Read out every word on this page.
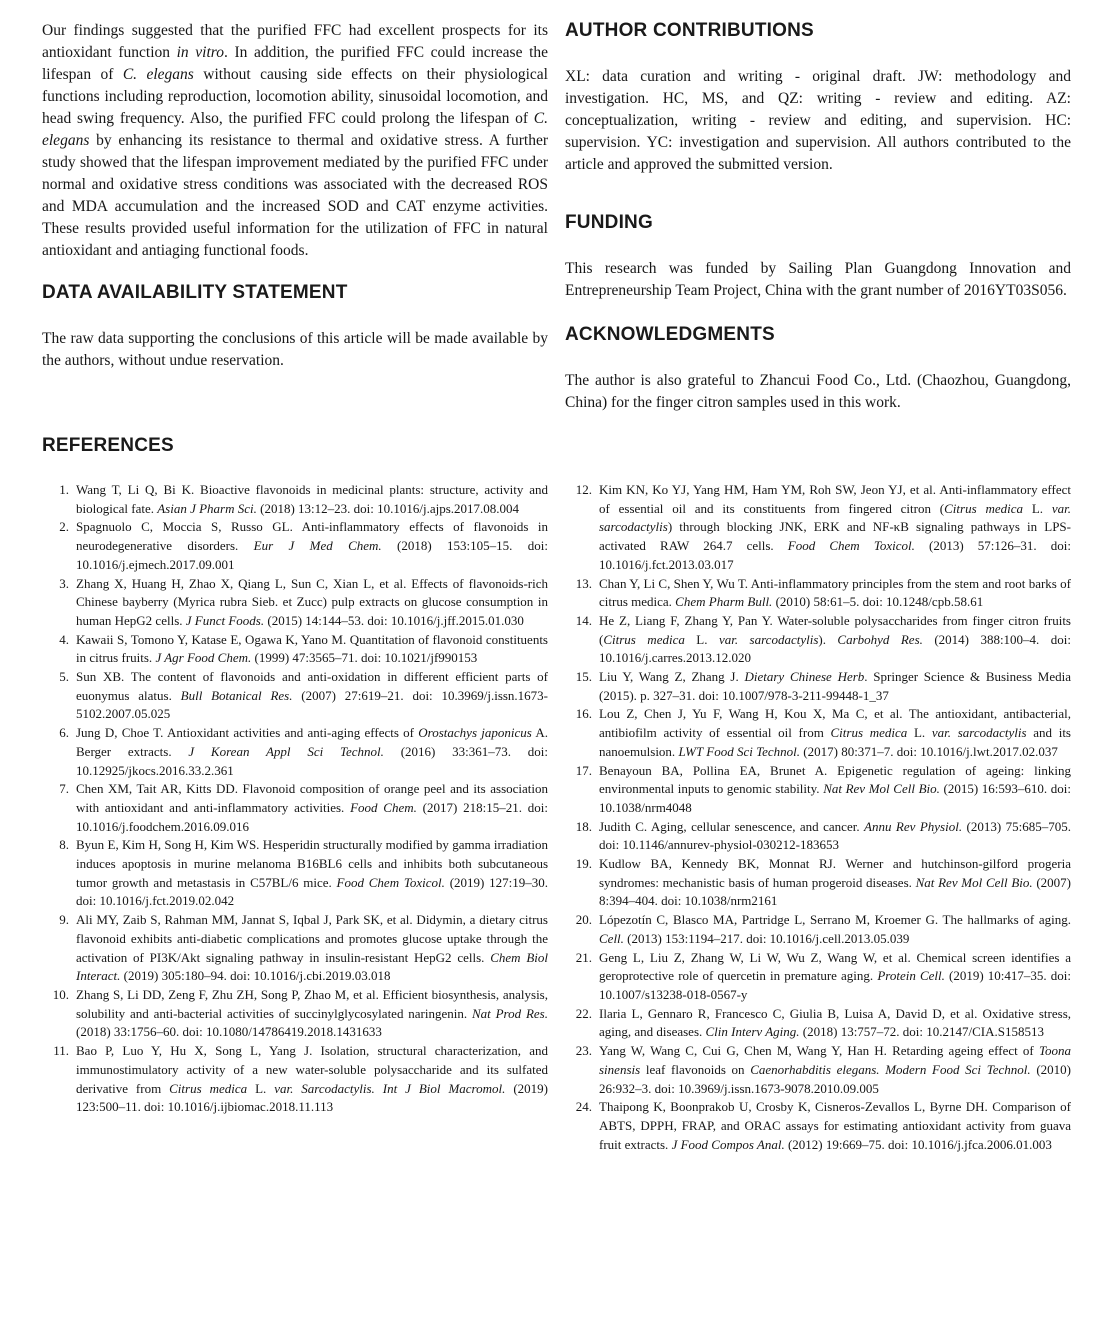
Our findings suggested that the purified FFC had excellent prospects for its antioxidant function in vitro. In addition, the purified FFC could increase the lifespan of C. elegans without causing side effects on their physiological functions including reproduction, locomotion ability, sinusoidal locomotion, and head swing frequency. Also, the purified FFC could prolong the lifespan of C. elegans by enhancing its resistance to thermal and oxidative stress. A further study showed that the lifespan improvement mediated by the purified FFC under normal and oxidative stress conditions was associated with the decreased ROS and MDA accumulation and the increased SOD and CAT enzyme activities. These results provided useful information for the utilization of FFC in natural antioxidant and antiaging functional foods.

DATA AVAILABILITY STATEMENT

The raw data supporting the conclusions of this article will be made available by the authors, without undue reservation.

REFERENCES
1. Wang T, Li Q, Bi K. Bioactive flavonoids in medicinal plants: structure, activity and biological fate. Asian J Pharm Sci. (2018) 13:12–23. doi: 10.1016/j.ajps.2017.08.004
2. Spagnuolo C, Moccia S, Russo GL. Anti-inflammatory effects of flavonoids in neurodegenerative disorders. Eur J Med Chem. (2018) 153:105–15. doi: 10.1016/j.ejmech.2017.09.001
3. Zhang X, Huang H, Zhao X, Qiang L, Sun C, Xian L, et al. Effects of flavonoids-rich Chinese bayberry (Myrica rubra Sieb. et Zucc) pulp extracts on glucose consumption in human HepG2 cells. J Funct Foods. (2015) 14:144–53. doi: 10.1016/j.jff.2015.01.030
4. Kawaii S, Tomono Y, Katase E, Ogawa K, Yano M. Quantitation of flavonoid constituents in citrus fruits. J Agr Food Chem. (1999) 47:3565–71. doi: 10.1021/jf990153
5. Sun XB. The content of flavonoids and anti-oxidation in different efficient parts of euonymus alatus. Bull Botanical Res. (2007) 27:619–21. doi: 10.3969/j.issn.1673-5102.2007.05.025
6. Jung D, Choe T. Antioxidant activities and anti-aging effects of Orostachys japonicus A. Berger extracts. J Korean Appl Sci Technol. (2016) 33:361–73. doi: 10.12925/jkocs.2016.33.2.361
7. Chen XM, Tait AR, Kitts DD. Flavonoid composition of orange peel and its association with antioxidant and anti-inflammatory activities. Food Chem. (2017) 218:15–21. doi: 10.1016/j.foodchem.2016.09.016
8. Byun E, Kim H, Song H, Kim WS. Hesperidin structurally modified by gamma irradiation induces apoptosis in murine melanoma B16BL6 cells and inhibits both subcutaneous tumor growth and metastasis in C57BL/6 mice. Food Chem Toxicol. (2019) 127:19–30. doi: 10.1016/j.fct.2019.02.042
9. Ali MY, Zaib S, Rahman MM, Jannat S, Iqbal J, Park SK, et al. Didymin, a dietary citrus flavonoid exhibits anti-diabetic complications and promotes glucose uptake through the activation of PI3K/Akt signaling pathway in insulin-resistant HepG2 cells. Chem Biol Interact. (2019) 305:180–94. doi: 10.1016/j.cbi.2019.03.018
10. Zhang S, Li DD, Zeng F, Zhu ZH, Song P, Zhao M, et al. Efficient biosynthesis, analysis, solubility and anti-bacterial activities of succinylglycosylated naringenin. Nat Prod Res. (2018) 33:1756–60. doi: 10.1080/14786419.2018.1431633
11. Bao P, Luo Y, Hu X, Song L, Yang J. Isolation, structural characterization, and immunostimulatory activity of a new water-soluble polysaccharide and its sulfated derivative from Citrus medica L. var. Sarcodactylis. Int J Biol Macromol. (2019) 123:500–11. doi: 10.1016/j.ijbiomac.2018.11.113
AUTHOR CONTRIBUTIONS

XL: data curation and writing - original draft. JW: methodology and investigation. HC, MS, and QZ: writing - review and editing. AZ: conceptualization, writing - review and editing, and supervision. HC: supervision. YC: investigation and supervision. All authors contributed to the article and approved the submitted version.

FUNDING

This research was funded by Sailing Plan Guangdong Innovation and Entrepreneurship Team Project, China with the grant number of 2016YT03S056.

ACKNOWLEDGMENTS

The author is also grateful to Zhancui Food Co., Ltd. (Chaozhou, Guangdong, China) for the finger citron samples used in this work.

12. Kim KN, Ko YJ, Yang HM, Ham YM, Roh SW, Jeon YJ, et al. Anti-inflammatory effect of essential oil and its constituents from fingered citron (Citrus medica L. var. sarcodactylis) through blocking JNK, ERK and NF-κB signaling pathways in LPS-activated RAW 264.7 cells. Food Chem Toxicol. (2013) 57:126–31. doi: 10.1016/j.fct.2013.03.017
13. Chan Y, Li C, Shen Y, Wu T. Anti-inflammatory principles from the stem and root barks of citrus medica. Chem Pharm Bull. (2010) 58:61–5. doi: 10.1248/cpb.58.61
14. He Z, Liang F, Zhang Y, Pan Y. Water-soluble polysaccharides from finger citron fruits (Citrus medica L. var. sarcodactylis). Carbohyd Res. (2014) 388:100–4. doi: 10.1016/j.carres.2013.12.020
15. Liu Y, Wang Z, Zhang J. Dietary Chinese Herb. Springer Science & Business Media (2015). p. 327–31. doi: 10.1007/978-3-211-99448-1_37
16. Lou Z, Chen J, Yu F, Wang H, Kou X, Ma C, et al. The antioxidant, antibacterial, antibiofilm activity of essential oil from Citrus medica L. var. sarcodactylis and its nanoemulsion. LWT Food Sci Technol. (2017) 80:371–7. doi: 10.1016/j.lwt.2017.02.037
17. Benayoun BA, Pollina EA, Brunet A. Epigenetic regulation of ageing: linking environmental inputs to genomic stability. Nat Rev Mol Cell Bio. (2015) 16:593–610. doi: 10.1038/nrm4048
18. Judith C. Aging, cellular senescence, and cancer. Annu Rev Physiol. (2013) 75:685–705. doi: 10.1146/annurev-physiol-030212-183653
19. Kudlow BA, Kennedy BK, Monnat RJ. Werner and hutchinson-gilford progeria syndromes: mechanistic basis of human progeroid diseases. Nat Rev Mol Cell Bio. (2007) 8:394–404. doi: 10.1038/nrm2161
20. Lópezotín C, Blasco MA, Partridge L, Serrano M, Kroemer G. The hallmarks of aging. Cell. (2013) 153:1194–217. doi: 10.1016/j.cell.2013.05.039
21. Geng L, Liu Z, Zhang W, Li W, Wu Z, Wang W, et al. Chemical screen identifies a geroprotective role of quercetin in premature aging. Protein Cell. (2019) 10:417–35. doi: 10.1007/s13238-018-0567-y
22. Ilaria L, Gennaro R, Francesco C, Giulia B, Luisa A, David D, et al. Oxidative stress, aging, and diseases. Clin Interv Aging. (2018) 13:757–72. doi: 10.2147/CIA.S158513
23. Yang W, Wang C, Cui G, Chen M, Wang Y, Han H. Retarding ageing effect of Toona sinensis leaf flavonoids on Caenorhabditis elegans. Modern Food Sci Technol. (2010) 26:932–3. doi: 10.3969/j.issn.1673-9078.2010.09.005
24. Thaipong K, Boonprakob U, Crosby K, Cisneros-Zevallos L, Byrne DH. Comparison of ABTS, DPPH, FRAP, and ORAC assays for estimating antioxidant activity from guava fruit extracts. J Food Compos Anal. (2012) 19:669–75. doi: 10.1016/j.jfca.2006.01.003
